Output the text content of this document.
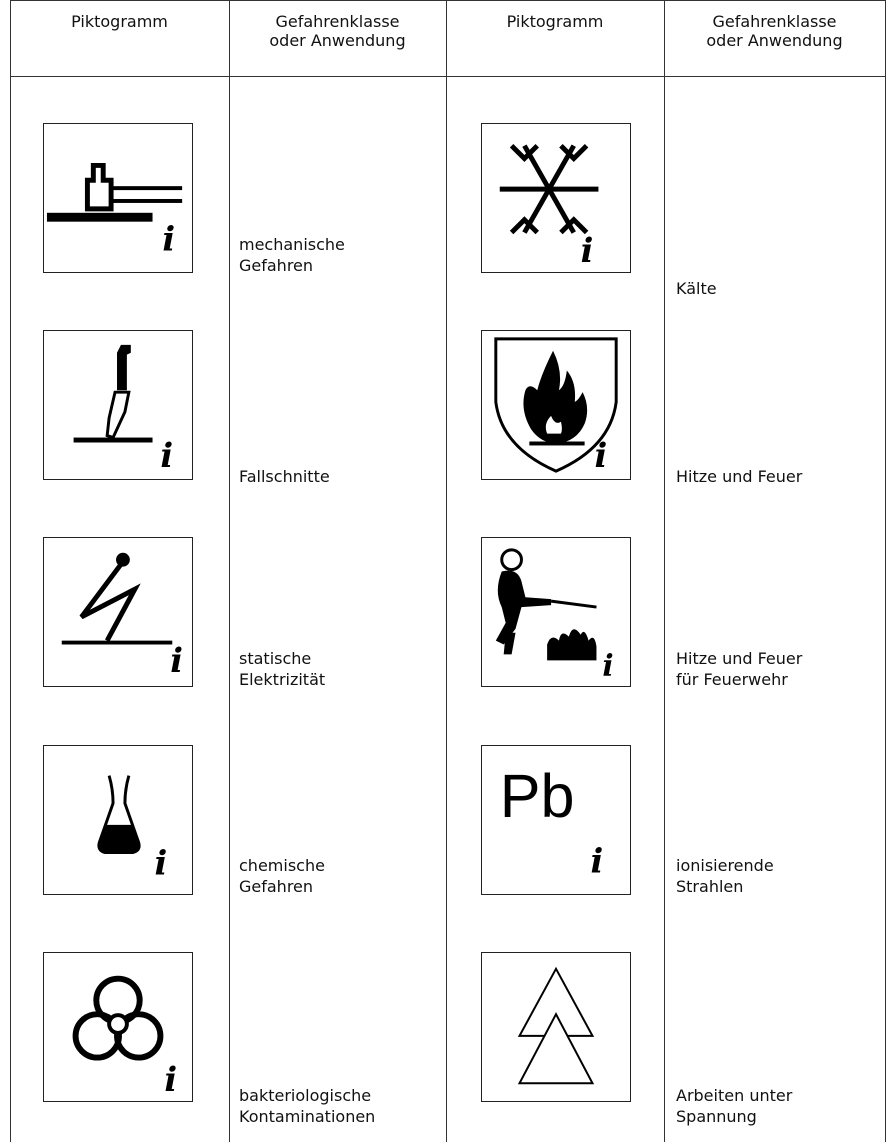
Piktogramm	Gefahrenklasse
oder Anwendung
Piktogramm	Gefahrenklasse
oder Anwendung
i
i
i
i
i
mechanische
Gefahren
Fallschnitte
statische
Elektrizität
chemische
Gefahren
bakteriologische
Kontaminationen
i
i
i
Pb
i
Kälte
Hitze und Feuer
Hitze und Feuer
für Feuerwehr
ionisierende
Strahlen
Arbeiten unter
Spannung
